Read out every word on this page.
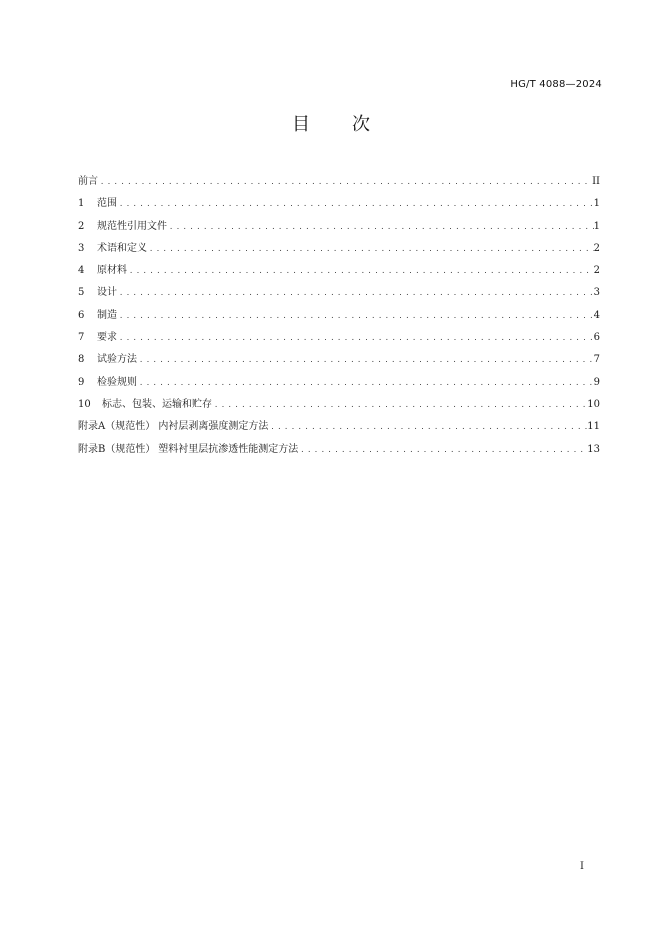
HG/T 4088—2024
目次
前言 .....	II
1	范围 .....	1
2	规范性引用文件 .....	1
3	术语和定义 .....	2
4	原材料 .....	2
5	设计 .....	3
6	制造 .....	4
7	要求 .....	6
8	试验方法 .....	7
9	检验规则 .....	9
10	标志、包装、运输和贮存 .....	10
附录A（规范性） 内衬层剥离强度测定方法 .....	11
附录B（规范性） 塑料衬里层抗渗透性能测定方法 .....	13
I
